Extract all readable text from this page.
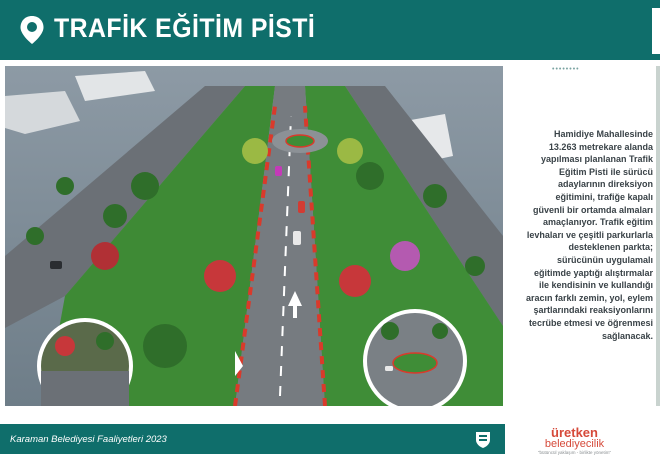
TRAFİK EĞİTİM PİSTİ
••••••••
Hamidiye Mahallesinde
13.263 metrekare alanda
yapılması planlanan Trafik
Eğitim Pisti ile sürücü
adaylarının direksiyon
eğitimini, trafiğe kapalı
güvenli bir ortamda almaları
amaçlanıyor. Trafik eğitim
levhaları ve çeşitli parkurlarla
desteklenen parkta;
sürücünün uygulamalı
eğitimde yaptığı alıştırmalar
ile kendisinin ve kullandığı
aracın farklı zemin, yol, eylem
şartlarındaki reaksiyonlarını
tecrübe etmesi ve öğrenmesi
sağlanacak.
Karaman Belediyesi Faaliyetleri 2023	üretken
belediyecilik
"bütüncül yaklaşım - birlikte yönetim"
